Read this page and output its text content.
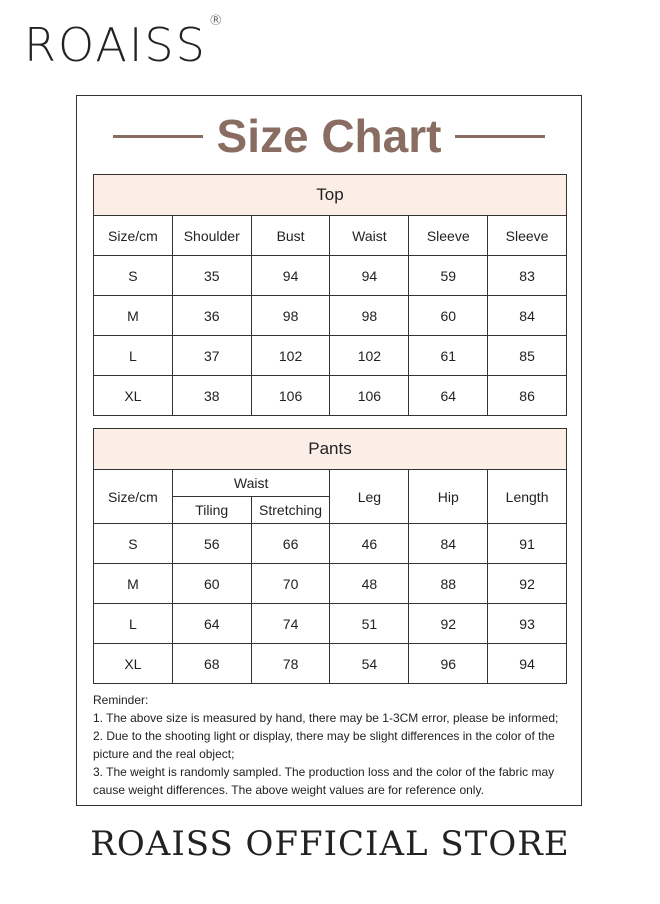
ROAISS ®
Size Chart
Top					
Size/cm	Shoulder	Bust	Waist	Sleeve	Sleeve
S	35	94	94	59	83
M	36	98	98	60	84
L	37	102	102	61	85
XL	38	106	106	64	86
Pants					
Size/cm	Waist		Leg	Hip	Length
	Tiling	Stretching			
S	56	66	46	84	91
M	60	70	48	88	92
L	64	74	51	92	93
XL	68	78	54	96	94

Reminder:

1. The above size is measured by hand, there may be 1-3CM error, please be informed;

2. Due to the shooting light or display, there may be slight differences in the color of the picture and the real object;

3. The weight is randomly sampled. The production loss and the color of the fabric may cause weight differences. The above weight values are for reference only.

ROAISS OFFICIAL STORE
